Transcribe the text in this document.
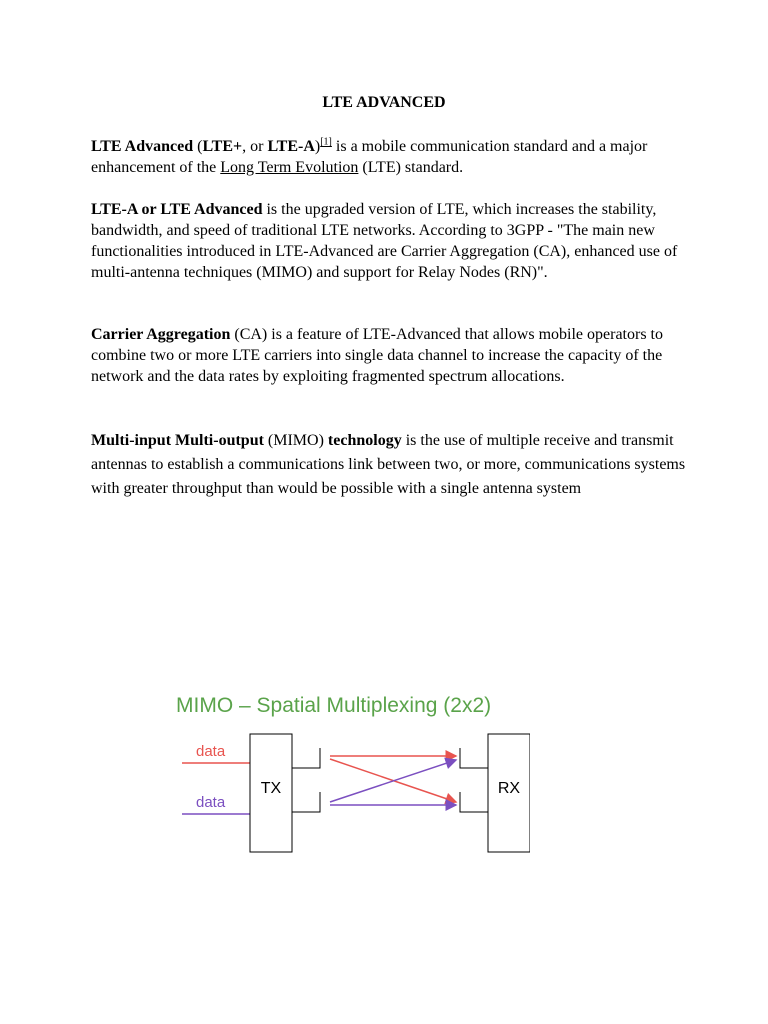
LTE ADVANCED
LTE Advanced (LTE+, or LTE-A)[1] is a mobile communication standard and a major enhancement of the Long Term Evolution (LTE) standard.
LTE-A or LTE Advanced is the upgraded version of LTE, which increases the stability, bandwidth, and speed of traditional LTE networks. According to 3GPP - "The main new functionalities introduced in LTE-Advanced are Carrier Aggregation (CA), enhanced use of multi-antenna techniques (MIMO) and support for Relay Nodes (RN)".
Carrier Aggregation (CA) is a feature of LTE-Advanced that allows mobile operators to combine two or more LTE carriers into single data channel to increase the capacity of the network and the data rates by exploiting fragmented spectrum allocations.
Multi-input Multi-output (MIMO) technology is the use of multiple receive and transmit antennas to establish a communications link between two, or more, communications systems with greater throughput than would be possible with a single antenna system
MIMO – Spatial Multiplexing (2x2)
data
data
TX	RX
